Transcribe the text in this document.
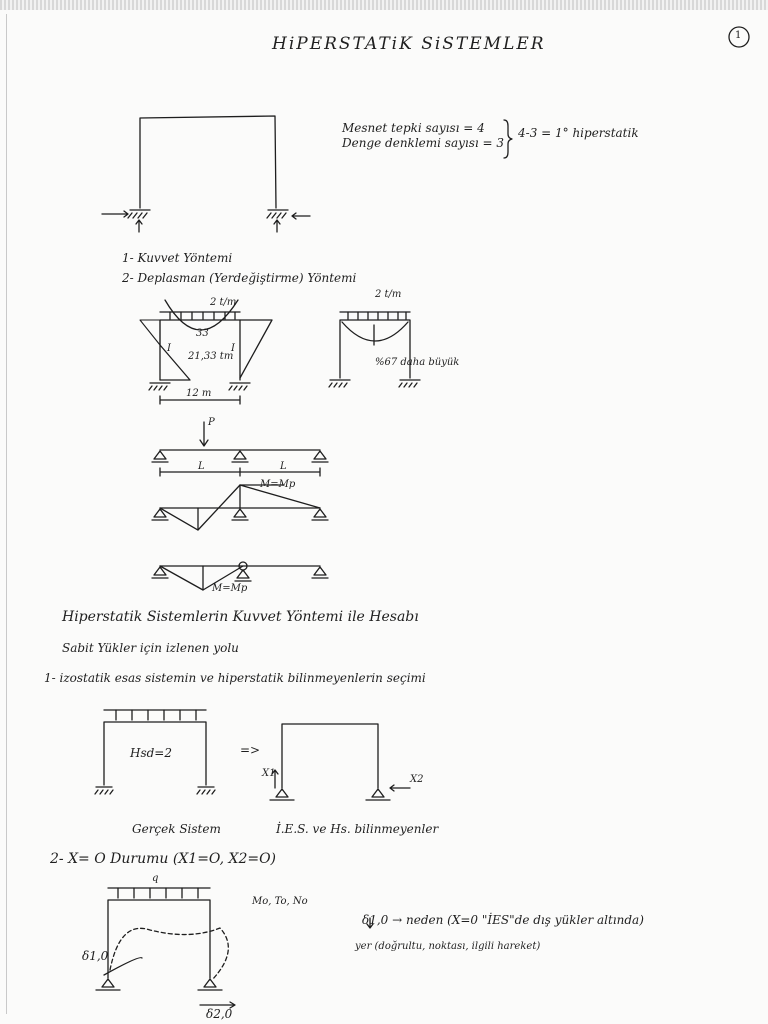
HiPERSTATiK SiSTEMLER	1
Mesnet tepki sayısı = 4
Denge denklemi sayısı = 3
4-3 = 1° hiperstatik
1- Kuvvet Yöntemi
2- Deplasman (Yerdeğiştirme) Yöntemi
2 t/m
33
21,33 tm
I	I
12 m
2 t/m
%67 daha büyük
P
L	L
M=Mp
M=Mp
Hiperstatik Sistemlerin Kuvvet Yöntemi ile Hesabı
Sabit Yükler için izlenen yolu
1- izostatik esas sistemin ve hiperstatik bilinmeyenlerin seçimi
Hsd=2	=>
X1
X2
Gerçek Sistem	İ.E.S. ve Hs. bilinmeyenler
2- X= O Durumu (X1=O, X2=O)
q
Mo, To, No
δ1,0
δ2,0
δ1,0 → neden (X=0 "İES"de dış yükler altında)
yer (doğrultu, noktası, ilgili hareket)
